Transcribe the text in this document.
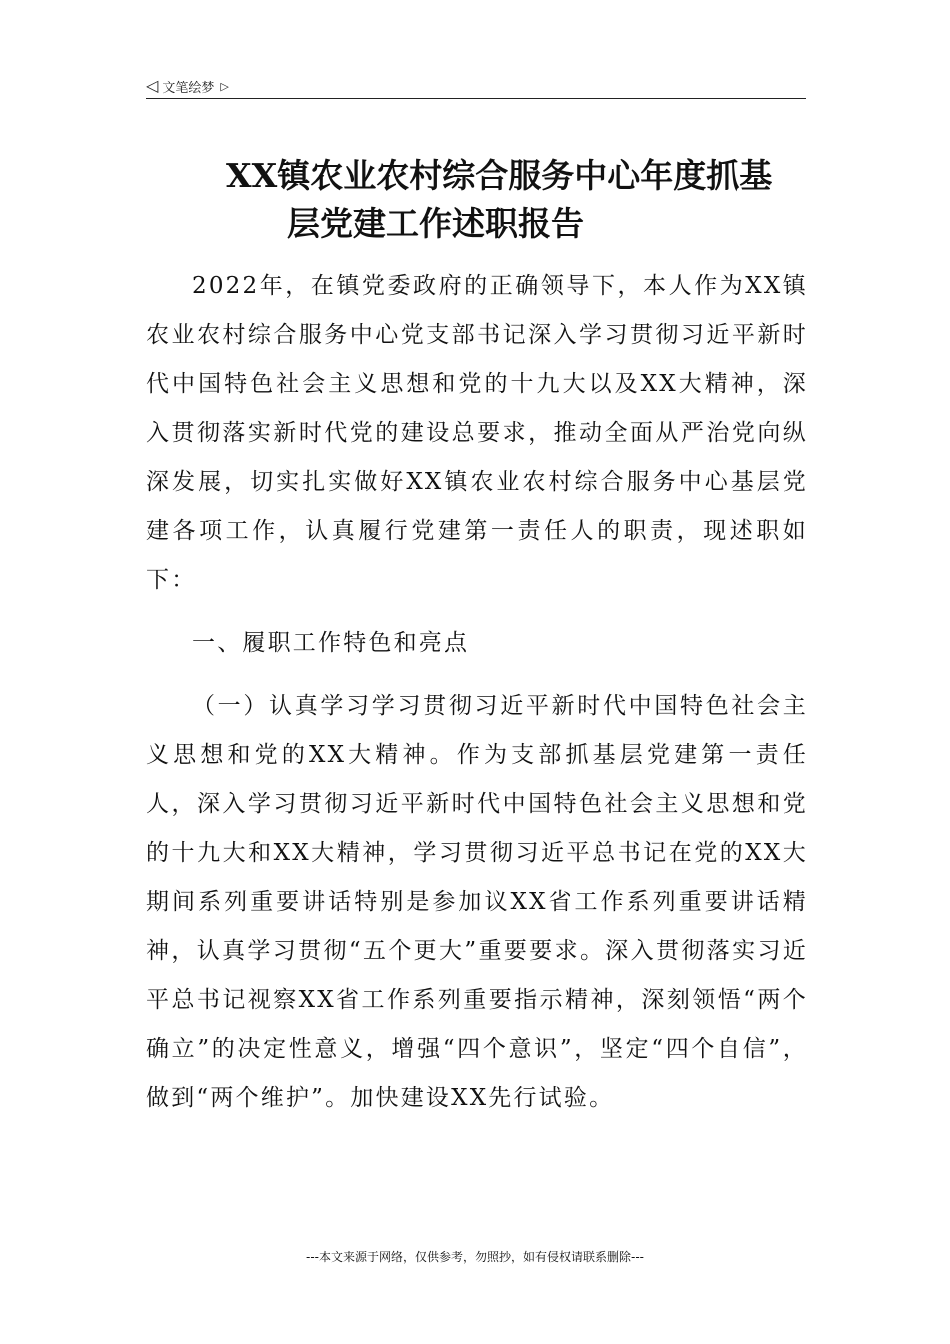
◁ 文笔绘梦 ▷
XX镇农业农村综合服务中心年度抓基
层党建工作述职报告

2022年，在镇党委政府的正确领导下，本人作为XX镇农业农村综合服务中心党支部书记深入学习贯彻习近平新时代中国特色社会主义思想和党的十九大以及XX大精神，深入贯彻落实新时代党的建设总要求，推动全面从严治党向纵深发展，切实扎实做好XX镇农业农村综合服务中心基层党建各项工作，认真履行党建第一责任人的职责，现述职如下：

一、履职工作特色和亮点

（一）认真学习学习贯彻习近平新时代中国特色社会主义思想和党的XX大精神。作为支部抓基层党建第一责任人，深入学习贯彻习近平新时代中国特色社会主义思想和党的十九大和XX大精神，学习贯彻习近平总书记在党的XX大期间系列重要讲话特别是参加议XX省工作系列重要讲话精神，认真学习贯彻“五个更大”重要要求。深入贯彻落实习近平总书记视察XX省工作系列重要指示精神，深刻领悟“两个确立”的决定性意义，增强“四个意识”，坚定“四个自信”，做到“两个维护”。加快建设XX先行试验。

---本文来源于网络，仅供参考，勿照抄，如有侵权请联系删除---
